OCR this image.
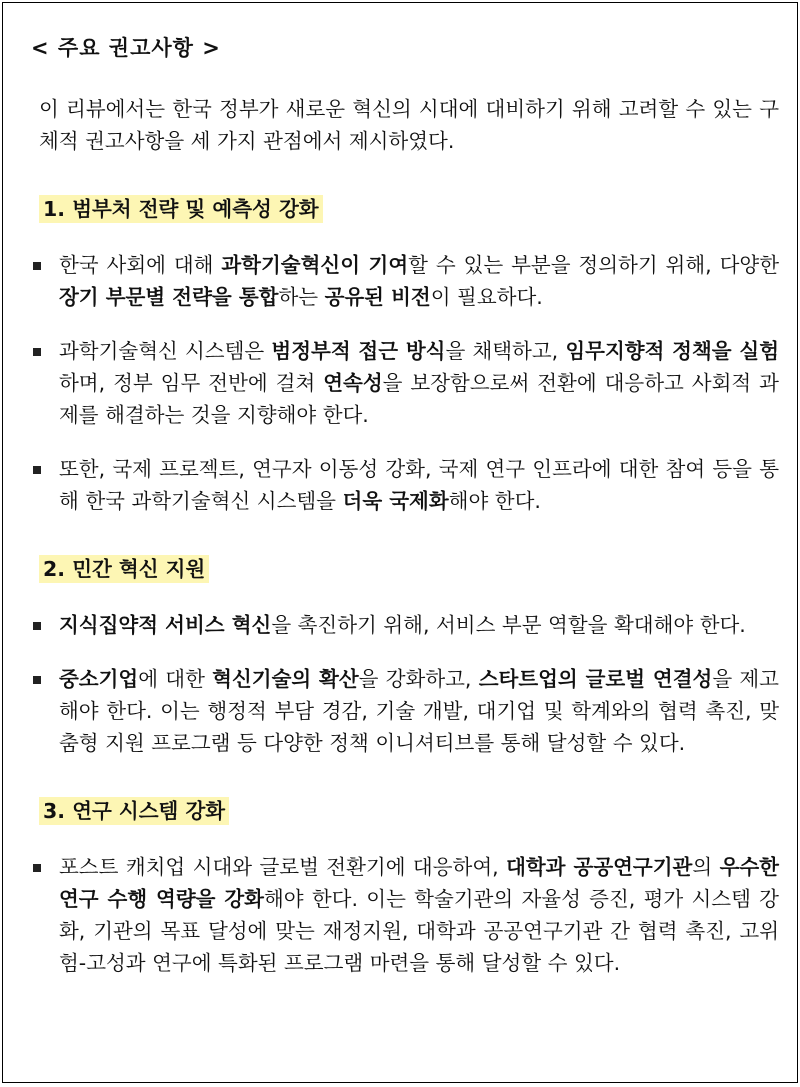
< 주요 권고사항 >

이 리뷰에서는 한국 정부가 새로운 혁신의 시대에 대비하기 위해 고려할 수 있는 구체적 권고사항을 세 가지 관점에서 제시하였다.

1. 범부처 전략 및 예측성 강화
한국 사회에 대해 과학기술혁신이 기여할 수 있는 부분을 정의하기 위해, 다양한 장기 부문별 전략을 통합하는 공유된 비전이 필요하다.
과학기술혁신 시스템은 범정부적 접근 방식을 채택하고, 임무지향적 정책을 실험하며, 정부 임무 전반에 걸쳐 연속성을 보장함으로써 전환에 대응하고 사회적 과제를 해결하는 것을 지향해야 한다.
또한, 국제 프로젝트, 연구자 이동성 강화, 국제 연구 인프라에 대한 참여 등을 통해 한국 과학기술혁신 시스템을 더욱 국제화해야 한다.
2. 민간 혁신 지원
지식집약적 서비스 혁신을 촉진하기 위해, 서비스 부문 역할을 확대해야 한다.
중소기업에 대한 혁신기술의 확산을 강화하고, 스타트업의 글로벌 연결성을 제고해야 한다. 이는 행정적 부담 경감, 기술 개발, 대기업 및 학계와의 협력 촉진, 맞춤형 지원 프로그램 등 다양한 정책 이니셔티브를 통해 달성할 수 있다.
3. 연구 시스템 강화
포스트 캐치업 시대와 글로벌 전환기에 대응하여, 대학과 공공연구기관의 우수한 연구 수행 역량을 강화해야 한다. 이는 학술기관의 자율성 증진, 평가 시스템 강화, 기관의 목표 달성에 맞는 재정지원, 대학과 공공연구기관 간 협력 촉진, 고위험-고성과 연구에 특화된 프로그램 마련을 통해 달성할 수 있다.
